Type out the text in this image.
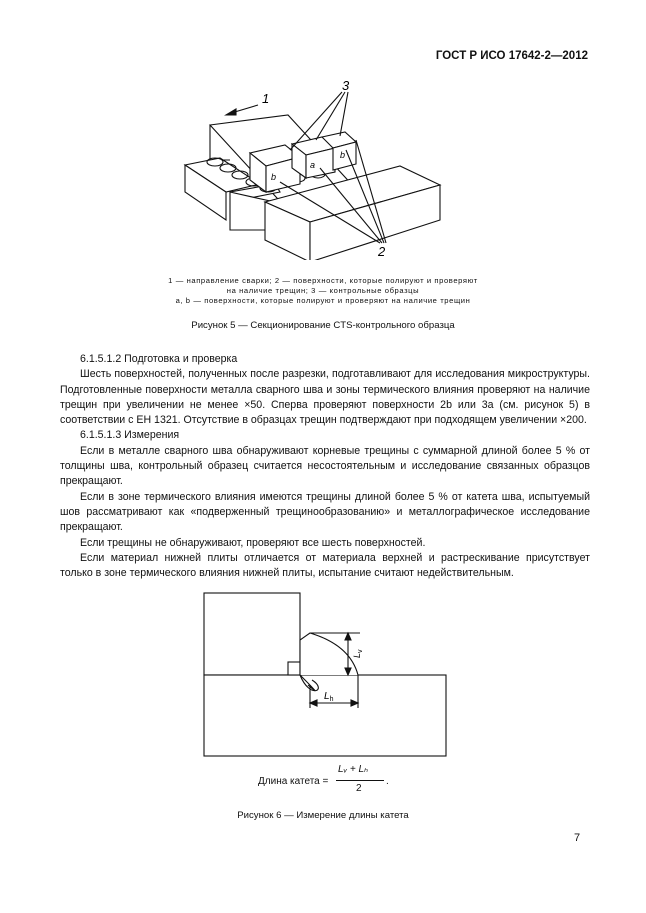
ГОСТ Р ИСО 17642-2—2012
1
3
2
a
b
b
1 — направление сварки; 2 — поверхности, которые полируют и проверяют
на наличие трещин; 3 — контрольные образцы
a, b — поверхности, которые полируют и проверяют на наличие трещин
Рисунок 5 — Секционирование CTS-контрольного образца

6.1.5.1.2 Подготовка и проверка

Шесть поверхностей, полученных после разрезки, подготавливают для исследования микроструктуры. Подготовленные поверхности металла сварного шва и зоны термического влияния проверяют на наличие трещин при увеличении не менее ×50. Сперва проверяют поверхности 2b или 3a (см. рисунок 5) в соответствии с ЕН 1321. Отсутствие в образцах трещин подтверждают при подходящем увеличении ×200.

6.1.5.1.3 Измерения

Если в металле сварного шва обнаруживают корневые трещины с суммарной длиной более 5 % от толщины шва, контрольный образец считается несостоятельным и исследование связанных образцов прекращают.

Если в зоне термического влияния имеются трещины длиной более 5 % от катета шва, испытуемый шов рассматривают как «подверженный трещинообразованию» и металлографическое исследование прекращают.

Если трещины не обнаруживают, проверяют все шесть поверхностей.

Если материал нижней плиты отличается от материала верхней и растрескивание присутствует только в зоне термического влияния нижней плиты, испытание считают недействительным.

$L_v$
$L_h$
Длина катета =
Lᵥ + Lₕ
2
.
Рисунок 6 — Измерение длины катета
7
